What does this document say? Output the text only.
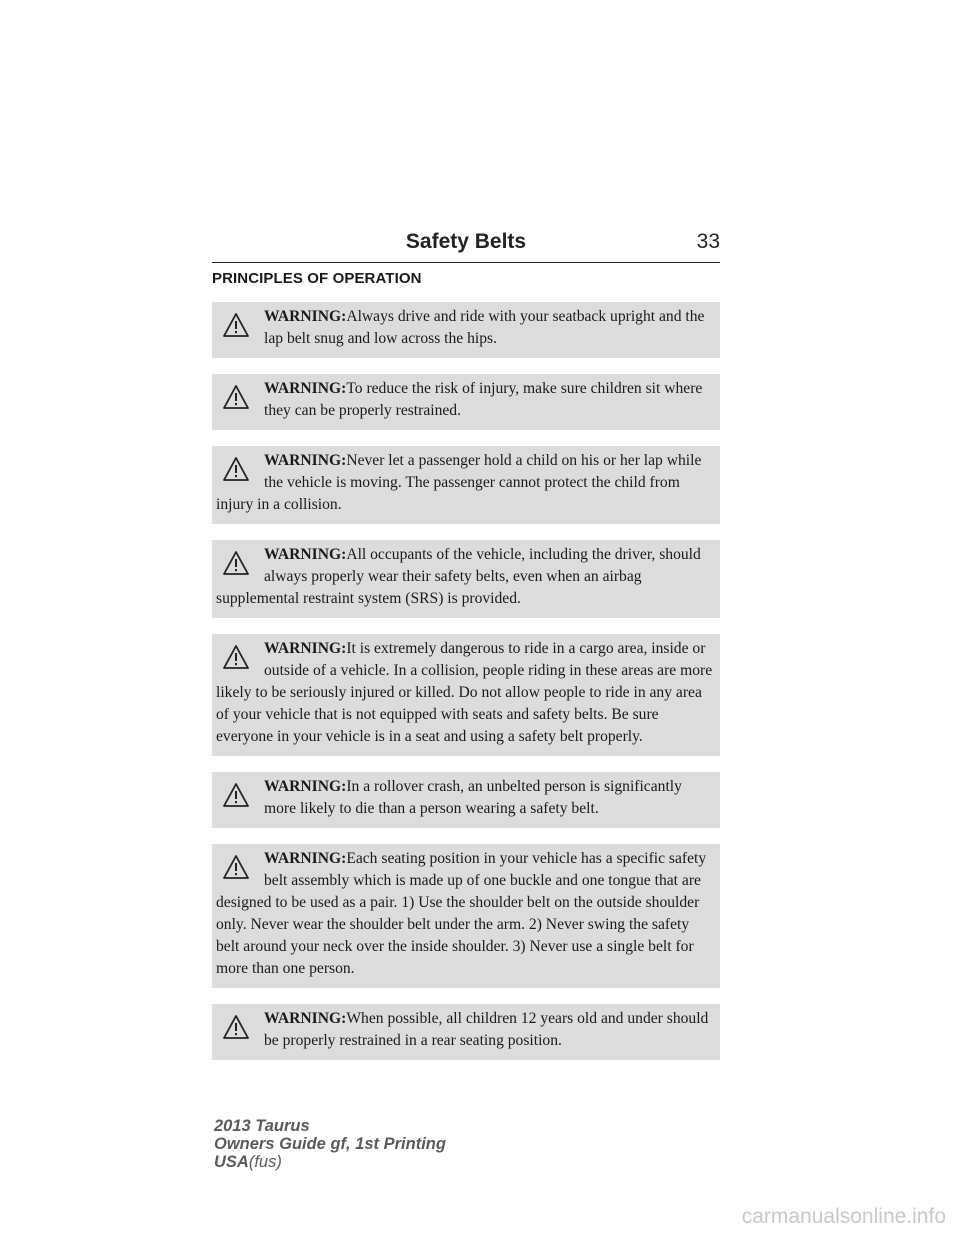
Safety Belts	33
PRINCIPLES OF OPERATION
WARNING:Always drive and ride with your seatback upright and the lap belt snug and low across the hips.
WARNING:To reduce the risk of injury, make sure children sit where they can be properly restrained.
WARNING:Never let a passenger hold a child on his or her lap while the vehicle is moving. The passenger cannot protect the child from injury in a collision.
WARNING:All occupants of the vehicle, including the driver, should always properly wear their safety belts, even when an airbag supplemental restraint system (SRS) is provided.
WARNING:It is extremely dangerous to ride in a cargo area, inside or outside of a vehicle. In a collision, people riding in these areas are more likely to be seriously injured or killed. Do not allow people to ride in any area of your vehicle that is not equipped with seats and safety belts. Be sure everyone in your vehicle is in a seat and using a safety belt properly.
WARNING:In a rollover crash, an unbelted person is significantly more likely to die than a person wearing a safety belt.
WARNING:Each seating position in your vehicle has a specific safety belt assembly which is made up of one buckle and one tongue that are designed to be used as a pair. 1) Use the shoulder belt on the outside shoulder only. Never wear the shoulder belt under the arm. 2) Never swing the safety belt around your neck over the inside shoulder. 3) Never use a single belt for more than one person.
WARNING:When possible, all children 12 years old and under should be properly restrained in a rear seating position.
2013 Taurus
Owners Guide gf, 1st Printing
USA(fus)
carmanualsonline.info
